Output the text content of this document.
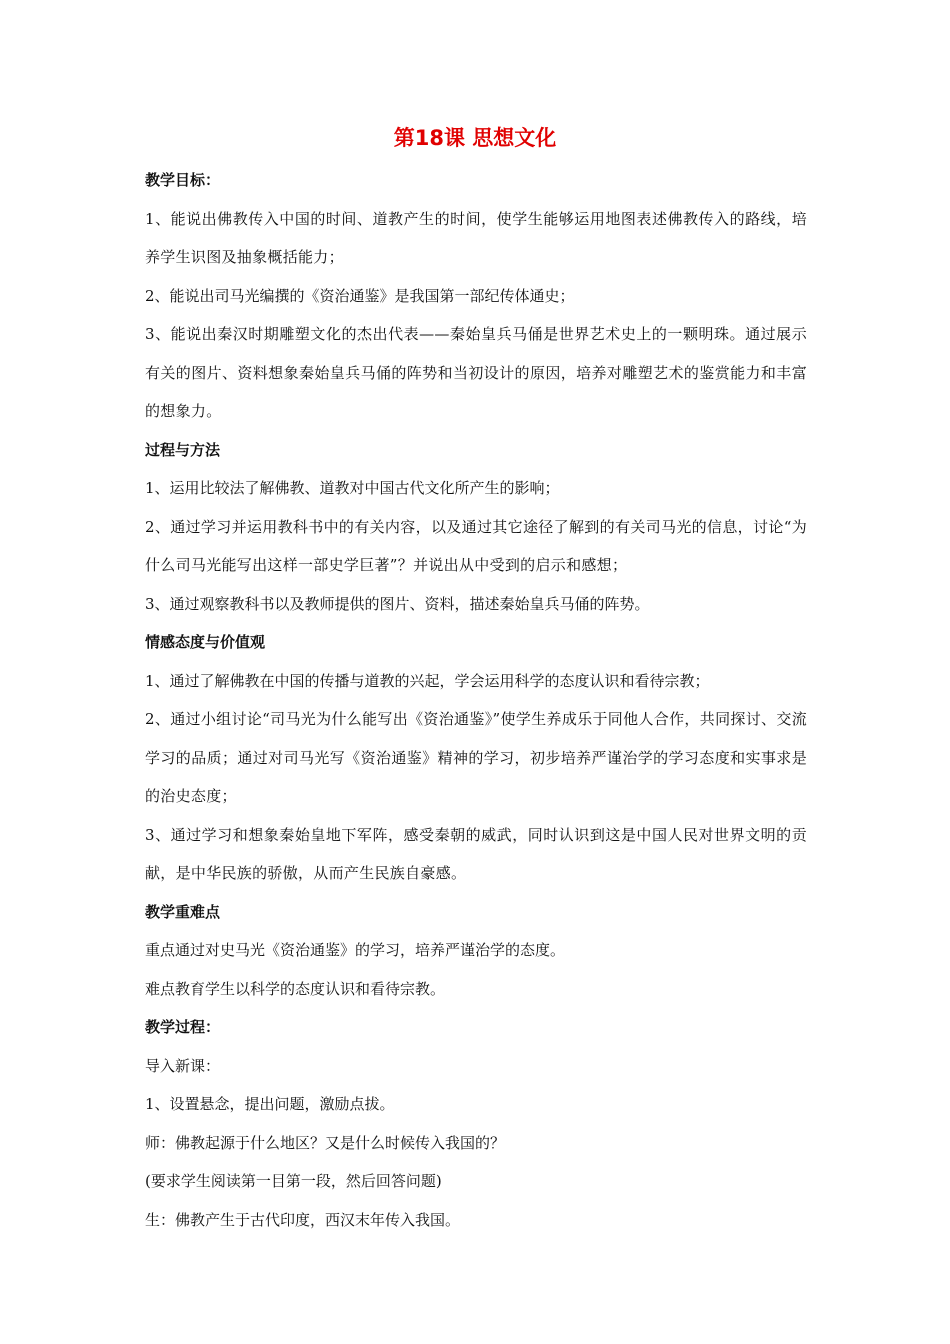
第18课 思想文化

教学目标：

1、能说出佛教传入中国的时间、道教产生的时间，使学生能够运用地图表述佛教传入的路线，培养学生识图及抽象概括能力；

2、能说出司马光编撰的《资治通鉴》是我国第一部纪传体通史；

3、能说出秦汉时期雕塑文化的杰出代表——秦始皇兵马俑是世界艺术史上的一颗明珠。通过展示有关的图片、资料想象秦始皇兵马俑的阵势和当初设计的原因，培养对雕塑艺术的鉴赏能力和丰富的想象力。

过程与方法

1、运用比较法了解佛教、道教对中国古代文化所产生的影响；

2、通过学习并运用教科书中的有关内容，以及通过其它途径了解到的有关司马光的信息，讨论“为什么司马光能写出这样一部史学巨著”？并说出从中受到的启示和感想；

3、通过观察教科书以及教师提供的图片、资料，描述秦始皇兵马俑的阵势。

情感态度与价值观

1、通过了解佛教在中国的传播与道教的兴起，学会运用科学的态度认识和看待宗教；

2、通过小组讨论“司马光为什么能写出《资治通鉴》”使学生养成乐于同他人合作，共同探讨、交流学习的品质；通过对司马光写《资治通鉴》精神的学习，初步培养严谨治学的学习态度和实事求是的治史态度；

3、通过学习和想象秦始皇地下军阵，感受秦朝的威武，同时认识到这是中国人民对世界文明的贡献，是中华民族的骄傲，从而产生民族自豪感。

教学重难点

重点通过对史马光《资治通鉴》的学习，培养严谨治学的态度。

难点教育学生以科学的态度认识和看待宗教。

教学过程：

导入新课：

1、设置悬念，提出问题，激励点拔。

师：佛教起源于什么地区？又是什么时候传入我国的？

(要求学生阅读第一目第一段，然后回答问题)

生：佛教产生于古代印度，西汉末年传入我国。
